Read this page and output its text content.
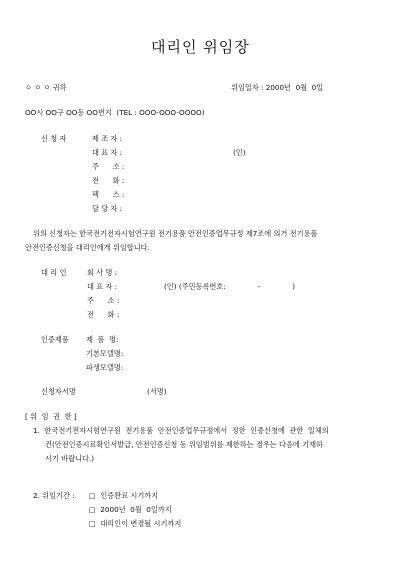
대리인 위임장
ㅇ ㅇ ㅇ 귀하	위임일자 : 2000년  0월  0일
OO시 OO구 OO동 OO번지  (TEL : OOO-OOO-OOOO)
신 청 자	제 조 자 :
대 표 자 :	(인)
주      소 :
전      화 :
팩      스 :
담 당 자 :
위의 신청자는 한국전기전자시험연구원 전기용품 안전인증업무규정 제7조에 의거 전기용품
안전인증신청을 대리인에게 위임합니다.
대 리 인	회 사 명 :
대 표 자 :	(인) (주민등록번호:              -              )
주      소 :
전      화 :
인증제품 제  품  명:
기본모델명:
파생모델명:
신청자서명	(서명)
[ 위  임  권  한 ]
1.  한국전기전자시험연구원  전기용품  안전인증업무규정에서  정한  인증신청에  관한  일체의
건(안전인증시료확인서발급, 안전인증신청 등 위임범위를 제한하는 경우는 다음에 기재하
시기 바랍니다.)
2. 위임기간 : □  인증완료 시기까지
□  2000년  0월  0일까지
□  대리인이 변경될 시기까지
